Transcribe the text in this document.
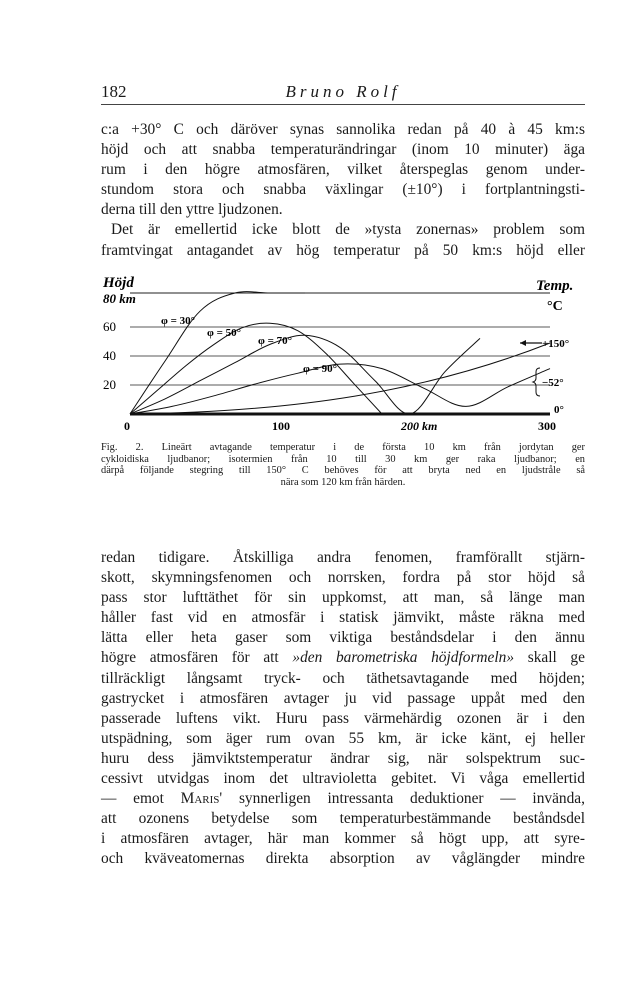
182	Bruno Rolf
c:a +30° C och däröver synas sannolika redan på 40 à 45 km:s
höjd och att snabba temperaturändringar (inom 10 minuter) äga
rum i den högre atmosfären, vilket återspeglas genom under-
stundom stora och snabba växlingar (±10°) i fortplantningsti-
derna till den yttre ljudzonen.
Det är emellertid icke blott de »tysta zonernas» problem som
framtvingat antagandet av hög temperatur på 50 km:s höjd eller
Höjd
80 km
Temp.
°C
60
40
20
0	100	200 km	300
φ = 30°
φ = 50°
φ = 70°
φ = 90°
+150°
−52°
0°
Fig. 2. Lineärt avtagande temperatur i de första 10 km från jordytan ger
cykloidiska ljudbanor; isotermien från 10 till 30 km ger raka ljudbanor; en
därpå följande stegring till 150° C behöves för att bryta ned en ljudstråle så
nära som 120 km från härden.
redan tidigare. Åtskilliga andra fenomen, framförallt stjärn-
skott, skymningsfenomen och norrsken, fordra på stor höjd så
pass stor lufttäthet för sin uppkomst, att man, så länge man
håller fast vid en atmosfär i statisk jämvikt, måste räkna med
lätta eller heta gaser som viktiga beståndsdelar i den ännu
högre atmosfären för att »den barometriska höjdformeln» skall ge
tillräckligt långsamt tryck- och täthetsavtagande med höjden;
gastrycket i atmosfären avtager ju vid passage uppåt med den
passerade luftens vikt. Huru pass värmehärdig ozonen är i den
utspädning, som äger rum ovan 55 km, är icke känt, ej heller
huru dess jämviktstemperatur ändrar sig, när solspektrum suc-
cessivt utvidgas inom det ultravioletta gebitet. Vi våga emellertid
— emot Maris' synnerligen intressanta deduktioner — invända,
att ozonens betydelse som temperaturbestämmande beståndsdel
i atmosfären avtager, här man kommer så högt upp, att syre-
och kväveatomernas direkta absorption av våglängder mindre
